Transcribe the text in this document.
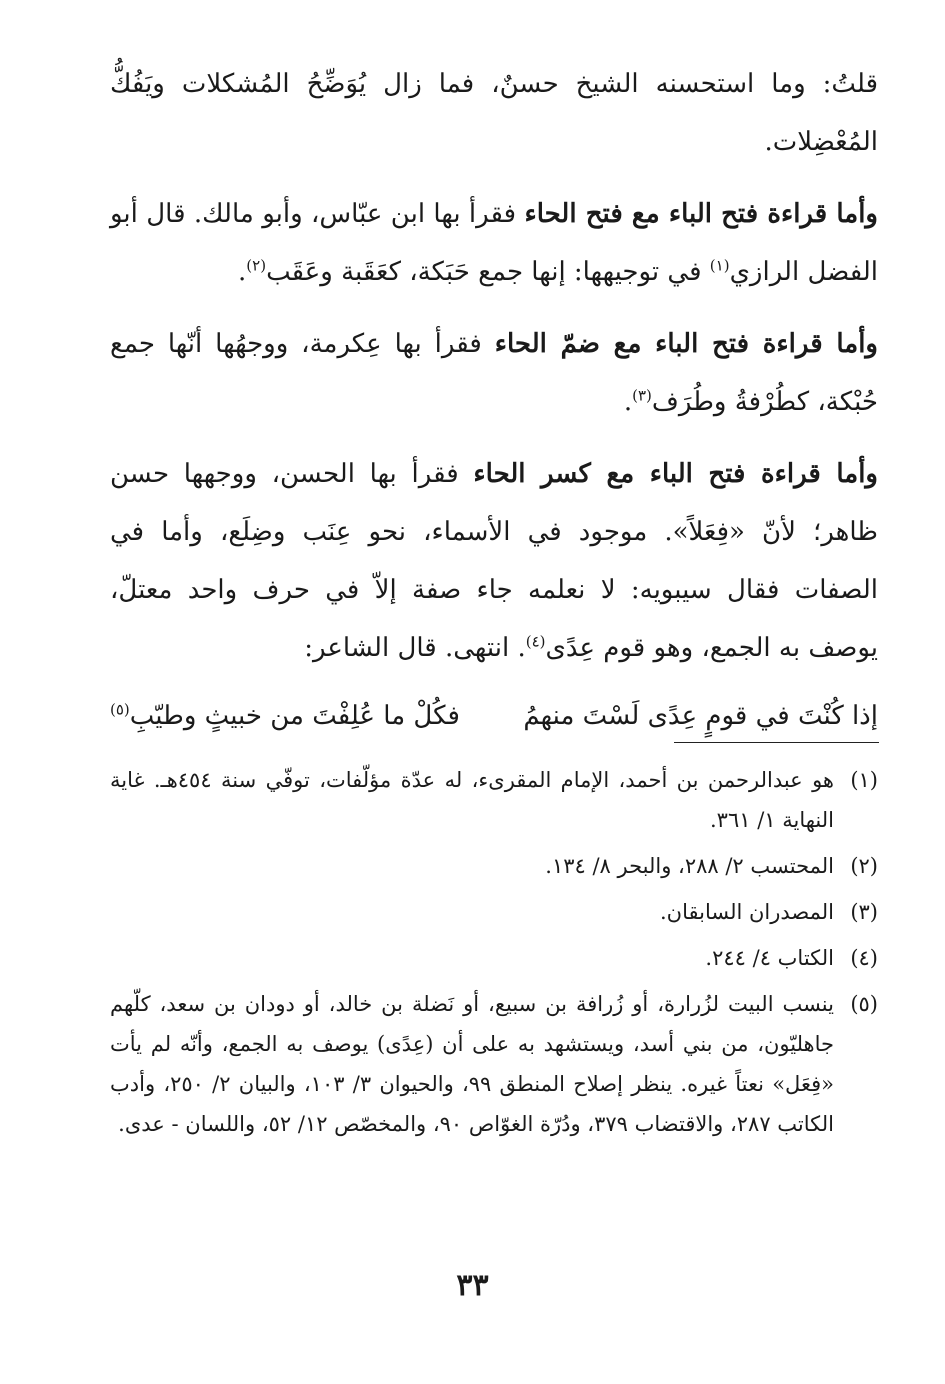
قلتُ: وما استحسنه الشيخ حسنٌ، فما زال يُوَضِّحُ المُشكلات ويَفُكُّ المُعْضِلات.

وأما قراءة فتح الباء مع فتح الحاء فقرأ بها ابن عبّاس، وأبو مالك. قال أبو الفضل الرازي$^{(١)}$ في توجيهها: إنها جمع حَبَكة، كعَقَبة وعَقَب$^{(٢)}$.

وأما قراءة فتح الباء مع ضمّ الحاء فقرأ بها عِكرمة، ووجهُها أنّها جمع حُبْكة، كطُرْفةُ وطُرَف$^{(٣)}$.

وأما قراءة فتح الباء مع كسر الحاء فقرأ بها الحسن، ووجهها حسن ظاهر؛ لأنّ «فِعَلاً». موجود في الأسماء، نحو عِنَب وضِلَع، وأما في الصفات فقال سيبويه: لا نعلمه جاء صفة إلاّ في حرف واحد معتلّ، يوصف به الجمع، وهو قوم عِدًى$^{(٤)}$. انتهى. قال الشاعر:

إذا كُنْتَ في قومٍ عِدًى لَسْتَ منهمُ
فكُلْ ما عُلِفْتَ من خبيثٍ وطيّبِ$^{(٥)}$
(١)
هو عبدالرحمن بن أحمد، الإمام المقرىء، له عدّة مؤلّفات، توفّي سنة ٤٥٤هـ. غاية النهاية ١/ ٣٦١.
(٢)
المحتسب ٢/ ٢٨٨، والبحر ٨/ ١٣٤.
(٣)
المصدران السابقان.
(٤)
الكتاب ٤/ ٢٤٤.
(٥)
ينسب البيت لزُرارة، أو زُرافة بن سبيع، أو نَضلة بن خالد، أو دودان بن سعد، كلّهم جاهليّون، من بني أسد، ويستشهد به على أن (عِدًى) يوصف به الجمع، وأنّه لم يأت «فِعَل» نعتاً غيره. ينظر إصلاح المنطق ٩٩، والحيوان ٣/ ١٠٣، والبيان ٢/ ٢٥٠، وأدب الكاتب ٢٨٧، والاقتضاب ٣٧٩، ودُرّة الغوّاص ٩٠، والمخصّص ١٢/ ٥٢، واللسان - عدى.
٣٣
